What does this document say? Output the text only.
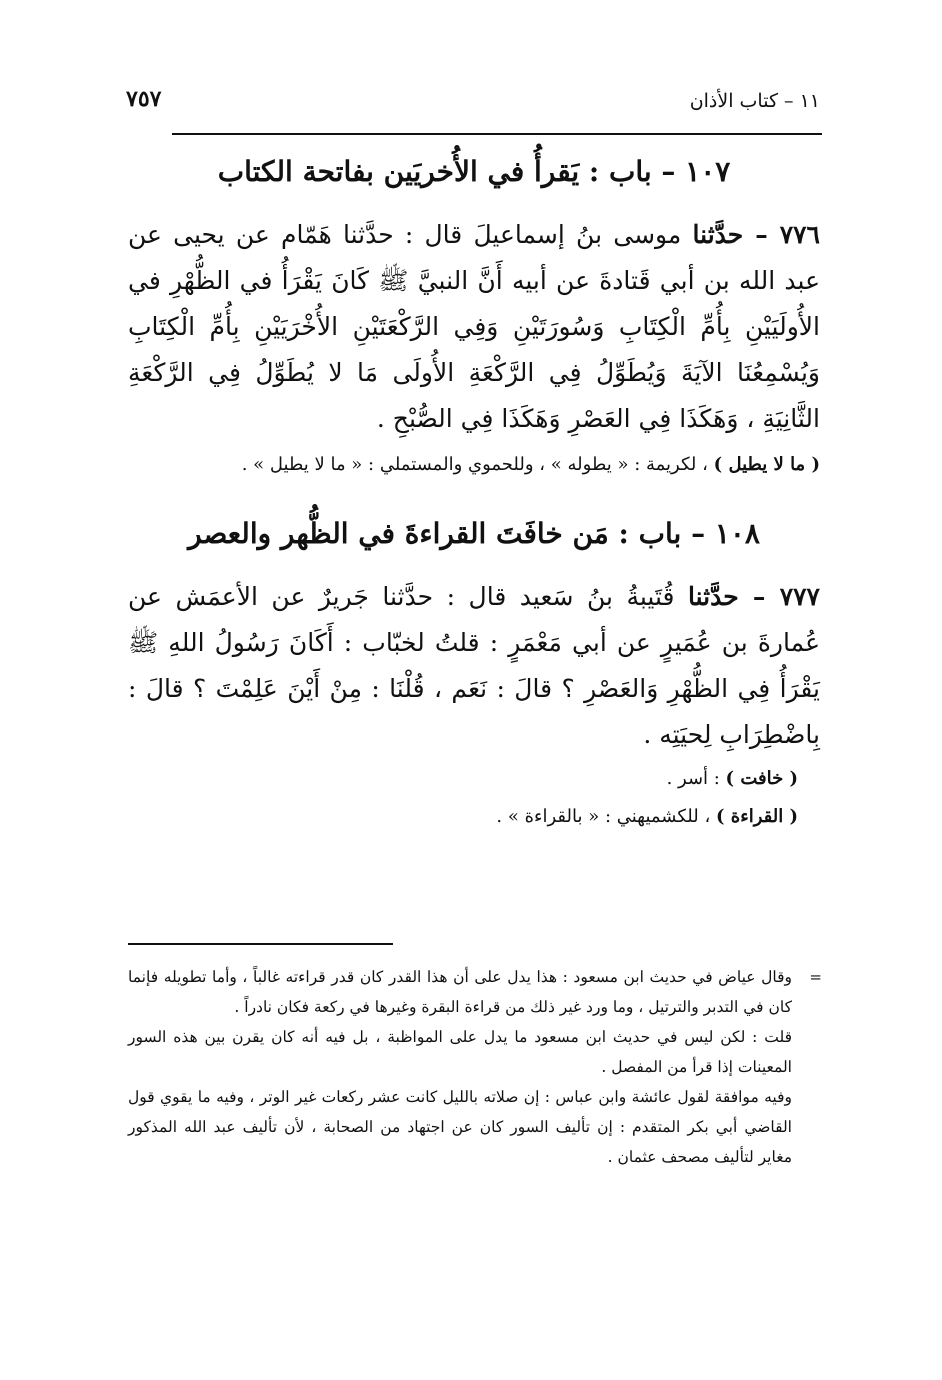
٧٥٧	١١ – كتاب الأذان
١٠٧ – باب : يَقرأُ في الأُخريَين بفاتحة الكتاب

٧٧٦ – حدَّثنا موسى بنُ إسماعيلَ قال : حدَّثنا هَمّام عن يحيى عن عبد الله بن أبي قَتادةَ عن أبيه أَنَّ النبيَّ ﷺ كَانَ يَقْرَأُ في الظُّهْرِ في الأُولَيَيْنِ بِأُمِّ الْكِتَابِ وَسُورَتَيْنِ وَفِي الرَّكْعَتَيْنِ الأُخْرَيَيْنِ بِأُمِّ الْكِتَابِ وَيُسْمِعُنَا الآيَةَ وَيُطَوِّلُ فِي الرَّكْعَةِ الأُولَى مَا لا يُطَوِّلُ فِي الرَّكْعَةِ الثَّانِيَةِ ، وَهَكَذَا فِي العَصْرِ وَهَكَذَا فِي الصُّبْحِ .

( ما لا يطيل ) ، لكريمة : « يطوله » ، وللحموي والمستملي : « ما لا يطيل » .

١٠٨ – باب : مَن خافَتَ القراءةَ في الظُّهر والعصر

٧٧٧ – حدَّثنا قُتَيبةُ بنُ سَعيد قال : حدَّثنا جَريرٌ عن الأعمَش عن عُمارةَ بن عُمَيرٍ عن أبي مَعْمَرٍ : قلتُ لخبّاب : أَكَانَ رَسُولُ اللهِ ﷺ يَقْرَأُ فِي الظُّهْرِ وَالعَصْرِ ؟ قالَ : نَعَم ، قُلْنَا : مِنْ أَيْنَ عَلِمْتَ ؟ قالَ : بِاضْطِرَابِ لِحيَتِه .

( خافت ) : أسر .

( القراءة ) ، للكشميهني : « بالقراءة » .

=

وقال عياض في حديث ابن مسعود : هذا يدل على أن هذا القدر كان قدر قراءته غالباً ، وأما تطويله فإنما كان في التدبر والترتيل ، وما ورد غير ذلك من قراءة البقرة وغيرها في ركعة فكان نادراً .

قلت : لكن ليس في حديث ابن مسعود ما يدل على المواظبة ، بل فيه أنه كان يقرن بين هذه السور المعينات إذا قرأ من المفصل .

وفيه موافقة لقول عائشة وابن عباس : إن صلاته بالليل كانت عشر ركعات غير الوتر ، وفيه ما يقوي قول القاضي أبي بكر المتقدم : إن تأليف السور كان عن اجتهاد من الصحابة ، لأن تأليف عبد الله المذكور مغاير لتأليف مصحف عثمان .
